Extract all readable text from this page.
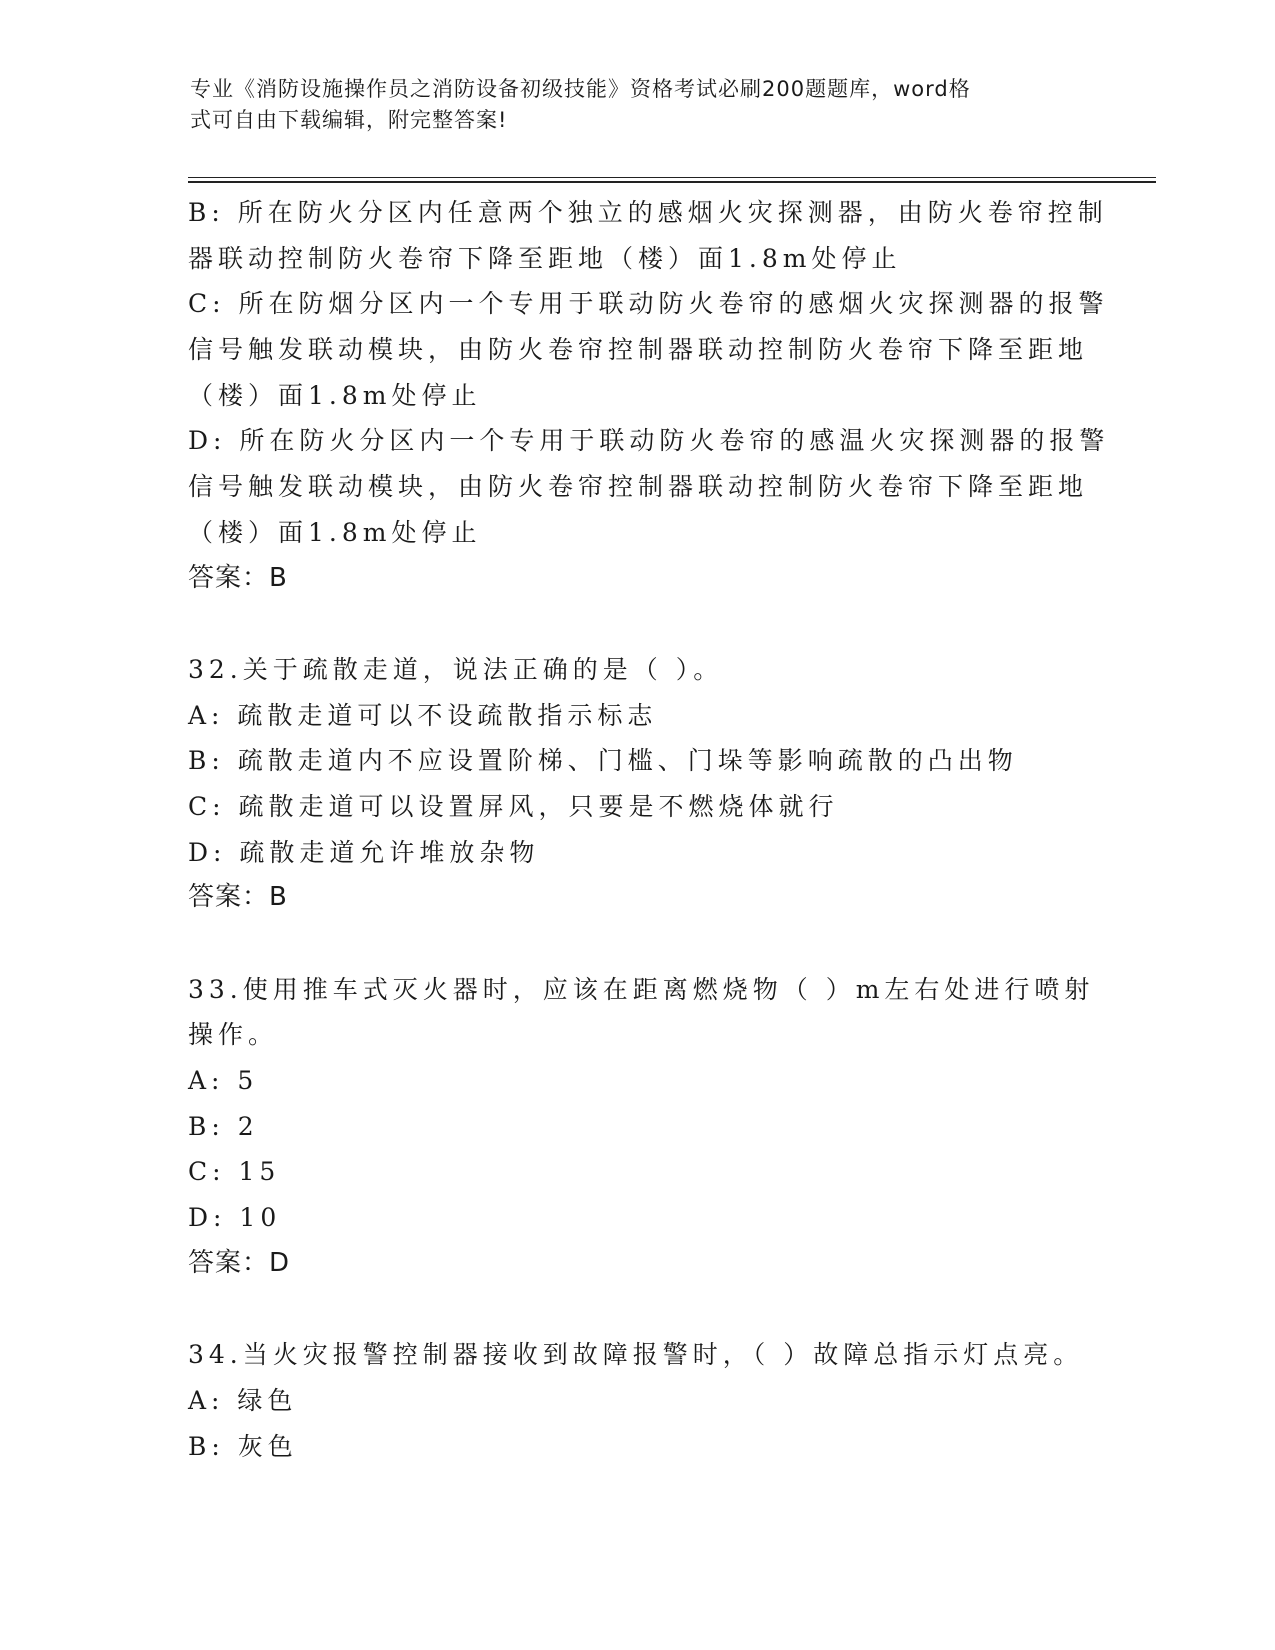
专业《消防设施操作员之消防设备初级技能》资格考试必刷200题题库，word格
式可自由下载编辑，附完整答案!
B: 所在防火分区内任意两个独立的感烟火灾探测器，由防火卷帘控制
器联动控制防火卷帘下降至距地（楼）面1.8m处停止
C: 所在防烟分区内一个专用于联动防火卷帘的感烟火灾探测器的报警
信号触发联动模块，由防火卷帘控制器联动控制防火卷帘下降至距地
（楼）面1.8m处停止
D: 所在防火分区内一个专用于联动防火卷帘的感温火灾探测器的报警
信号触发联动模块，由防火卷帘控制器联动控制防火卷帘下降至距地
（楼）面1.8m处停止
答案：B
32.关于疏散走道，说法正确的是（ ）。
A: 疏散走道可以不设疏散指示标志
B: 疏散走道内不应设置阶梯、门槛、门垛等影响疏散的凸出物
C: 疏散走道可以设置屏风，只要是不燃烧体就行
D: 疏散走道允许堆放杂物
答案：B
33.使用推车式灭火器时，应该在距离燃烧物（ ）m左右处进行喷射
操作。
A: 5
B: 2
C: 15
D: 10
答案：D
34.当火灾报警控制器接收到故障报警时，（ ）故障总指示灯点亮。
A: 绿色
B: 灰色
